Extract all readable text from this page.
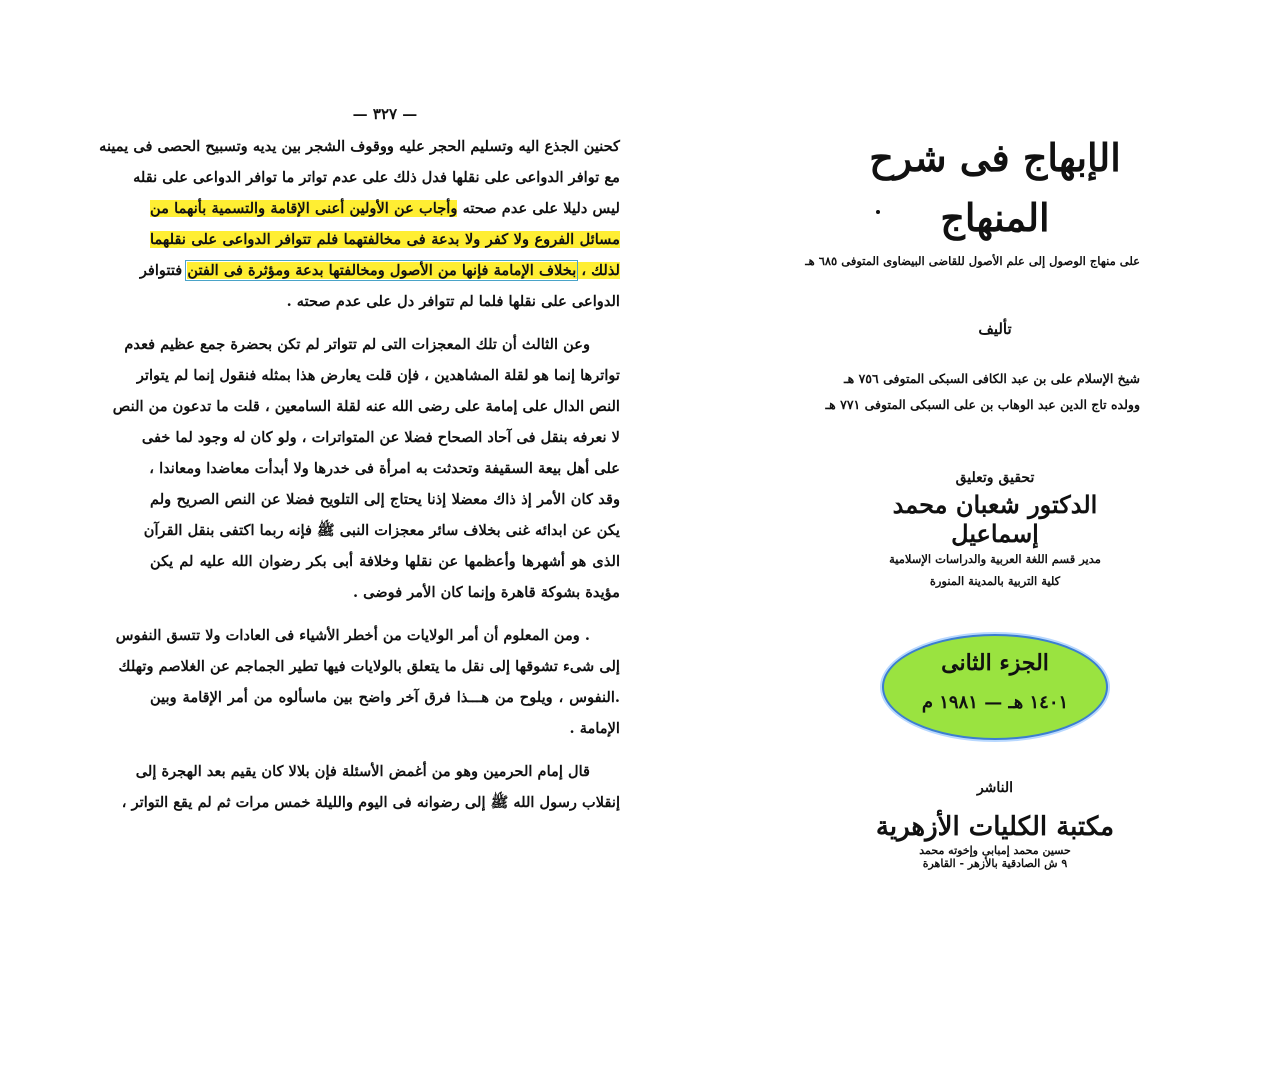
— ٣٢٧ —
كحنين الجذع اليه وتسليم الحجر عليه ووقوف الشجر بين يديه وتسبيح الحصى فى يمينه
مع توافر الدواعى على نقلها فدل ذلك على عدم تواتر ما توافر الدواعى على نقله
ليس دليلا على عدم صحته وأجاب عن الأولين أعنى الإقامة والتسمية بأنهما من
مسائل الفروع ولا كفر ولا بدعة فى مخالفتهما فلم تتوافر الدواعى على نقلهما
لذلك ، بخلاف الإمامة فإنها من الأصول ومخالفتها بدعة ومؤثرة فى الفتن فتتوافر
الدواعى على نقلها فلما لم تتوافر دل على عدم صحته .
وعن الثالث أن تلك المعجزات التى لم تتواتر لم تكن بحضرة جمع عظيم فعدم
تواترها إنما هو لقلة المشاهدين ، فإن قلت يعارض هذا بمثله فنقول إنما لم يتواتر
النص الدال على إمامة على رضى الله عنه لقلة السامعين ، قلت ما تدعون من النص
لا نعرفه بنقل فى آحاد الصحاح فضلا عن المتواترات ، ولو كان له وجود لما خفى
على أهل بيعة السقيفة وتحدثت به امرأة فى خدرها ولا أبدأت معاضدا ومعاندا ،
وقد كان الأمر إذ ذاك معضلا إذنا يحتاج إلى التلويح فضلا عن النص الصريح ولم
يكن عن ابدائه غنى بخلاف سائر معجزات النبى ﷺ فإنه ربما اكتفى بنقل القرآن
الذى هو أشهرها وأعظمها عن نقلها وخلافة أبى بكر رضوان الله عليه لم يكن
مؤيدة بشوكة قاهرة وإنما كان الأمر فوضى .
. ومن المعلوم أن أمر الولايات من أخطر الأشياء فى العادات ولا تتسق النفوس
إلى شىء تشوقها إلى نقل ما يتعلق بالولايات فيها تطير الجماجم عن الغلاصم وتهلك
.النفوس ، ويلوح من هـــذا فرق آخر واضح بين ماسألوه من أمر الإقامة وبين
الإمامة .
قال إمام الحرمين وهو من أغمض الأسئلة فإن بلالا كان يقيم بعد الهجرة إلى
إنقلاب رسول الله ﷺ إلى رضوانه فى اليوم والليلة خمس مرات ثم لم يقع التواتر ،
الإبهاج فى شرح المنهاج
على منهاج الوصول إلى علم الأصول للقاضى البيضاوى المتوفى ٦٨٥ هـ
تأليف
شيخ الإسلام على بن عبد الكافى السبكى المتوفى ٧٥٦ هـ
وولده تاج الدين عبد الوهاب بن على السبكى المتوفى ٧٧١ هـ
تحقيق وتعليق
الدكتور شعبان محمد إسماعيل
مدير قسم اللغة العربية والدراسات الإسلامية
كلية التربية بالمدينة المنورة
الجزء الثانى
١٤٠١ هـ — ١٩٨١ م
الناشر
مكتبة الكليات الأزهرية
حسين محمد إمبابى وإخوته محمد
٩ ش الصادقية بالأزهر - القاهرة
